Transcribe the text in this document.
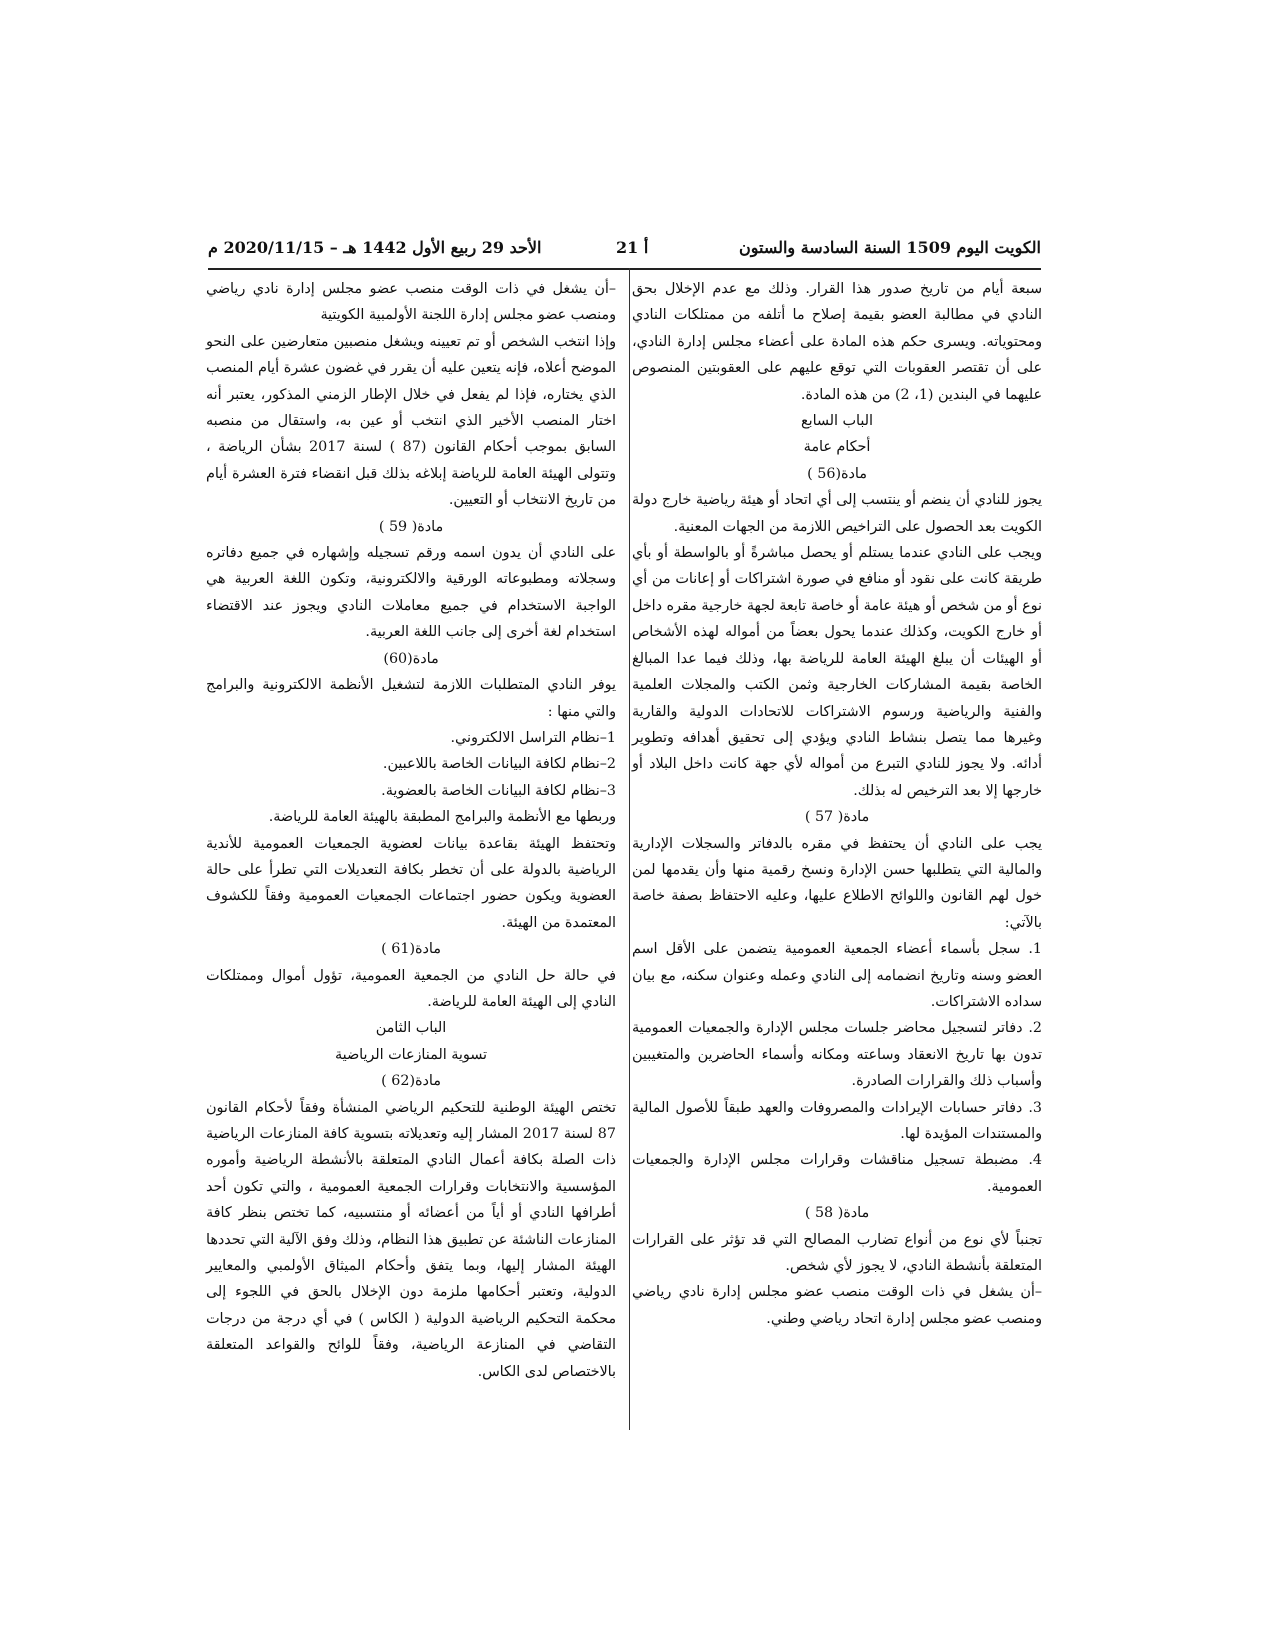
الكويت اليوم 1509 السنة السادسة والستون
21 أ
الأحد 29 ربيع الأول 1442 هـ – 2020/11/15 م

سبعة أيام من تاريخ صدور هذا القرار. وذلك مع عدم الإخلال بحق النادي في مطالبة العضو بقيمة إصلاح ما أتلفه من ممتلكات النادي ومحتوياته. ويسرى حكم هذه المادة على أعضاء مجلس إدارة النادي، على أن تقتصر العقوبات التي توقع عليهم على العقوبتين المنصوص عليهما في البندين (1، 2) من هذه المادة.

الباب السابع

أحكام عامة

مادة(56 )

يجوز للنادي أن ينضم أو ينتسب إلى أي اتحاد أو هيئة رياضية خارج دولة الكويت بعد الحصول على التراخيص اللازمة من الجهات المعنية.

ويجب على النادي عندما يستلم أو يحصل مباشرةً أو بالواسطة أو بأي طريقة كانت على نقود أو منافع في صورة اشتراكات أو إعانات من أي نوع أو من شخص أو هيئة عامة أو خاصة تابعة لجهة خارجية مقره داخل أو خارج الكويت، وكذلك عندما يحول بعضاً من أمواله لهذه الأشخاص أو الهيئات أن يبلغ الهيئة العامة للرياضة بها، وذلك فيما عدا المبالغ الخاصة بقيمة المشاركات الخارجية وثمن الكتب والمجلات العلمية والفنية والرياضية ورسوم الاشتراكات للاتحادات الدولية والقارية وغيرها مما يتصل بنشاط النادي ويؤدي إلى تحقيق أهدافه وتطوير أدائه. ولا يجوز للنادي التبرع من أمواله لأي جهة كانت داخل البلاد أو خارجها إلا بعد الترخيص له بذلك.

مادة( 57 )

يجب على النادي أن يحتفظ في مقره بالدفاتر والسجلات الإدارية والمالية التي يتطلبها حسن الإدارة ونسخ رقمية منها وأن يقدمها لمن خول لهم القانون واللوائح الاطلاع عليها، وعليه الاحتفاظ بصفة خاصة بالآتي:

1. سجل بأسماء أعضاء الجمعية العمومية يتضمن على الأقل اسم العضو وسنه وتاريخ انضمامه إلى النادي وعمله وعنوان سكنه، مع بيان سداده الاشتراكات.

2. دفاتر لتسجيل محاضر جلسات مجلس الإدارة والجمعيات العمومية تدون بها تاريخ الانعقاد وساعته ومكانه وأسماء الحاضرين والمتغيبين وأسباب ذلك والقرارات الصادرة.

3. دفاتر حسابات الإيرادات والمصروفات والعهد طبقاً للأصول المالية والمستندات المؤيدة لها.

4. مضبطة تسجيل مناقشات وقرارات مجلس الإدارة والجمعيات العمومية.

مادة( 58 )

تجنباً لأي نوع من أنواع تضارب المصالح التي قد تؤثر على القرارات المتعلقة بأنشطة النادي، لا يجوز لأي شخص.

–أن يشغل في ذات الوقت منصب عضو مجلس إدارة نادي رياضي ومنصب عضو مجلس إدارة اتحاد رياضي وطني.

–أن يشغل في ذات الوقت منصب عضو مجلس إدارة نادي رياضي ومنصب عضو مجلس إدارة اللجنة الأولمبية الكويتية

وإذا انتخب الشخص أو تم تعيينه ويشغل منصبين متعارضين على النحو الموضح أعلاه، فإنه يتعين عليه أن يقرر في غضون عشرة أيام المنصب الذي يختاره، فإذا لم يفعل في خلال الإطار الزمني المذكور، يعتبر أنه اختار المنصب الأخير الذي انتخب أو عين به، واستقال من منصبه السابق بموجب أحكام القانون (87 ) لسنة 2017 بشأن الرياضة ، وتتولى الهيئة العامة للرياضة إبلاغه بذلك قبل انقضاء فترة العشرة أيام من تاريخ الانتخاب أو التعيين.

مادة( 59 )

على النادي أن يدون اسمه ورقم تسجيله وإشهاره في جميع دفاتره وسجلاته ومطبوعاته الورقية والالكترونية، وتكون اللغة العربية هي الواجبة الاستخدام في جميع معاملات النادي ويجوز عند الاقتضاء استخدام لغة أخرى إلى جانب اللغة العربية.

مادة(60)

يوفر النادي المتطلبات اللازمة لتشغيل الأنظمة الالكترونية والبرامج والتي منها :

1–نظام التراسل الالكتروني.

2–نظام لكافة البيانات الخاصة باللاعبين.

3–نظام لكافة البيانات الخاصة بالعضوية.

وربطها مع الأنظمة والبرامج المطبقة بالهيئة العامة للرياضة.

وتحتفظ الهيئة بقاعدة بيانات لعضوية الجمعيات العمومية للأندية الرياضية بالدولة على أن تخطر بكافة التعديلات التي تطرأ على حالة العضوية ويكون حضور اجتماعات الجمعيات العمومية وفقاً للكشوف المعتمدة من الهيئة.

مادة(61 )

في حالة حل النادي من الجمعية العمومية، تؤول أموال وممتلكات النادي إلى الهيئة العامة للرياضة.

الباب الثامن

تسوية المنازعات الرياضية

مادة(62 )

تختص الهيئة الوطنية للتحكيم الرياضي المنشأة وفقاً لأحكام القانون 87 لسنة 2017 المشار إليه وتعديلاته بتسوية كافة المنازعات الرياضية ذات الصلة بكافة أعمال النادي المتعلقة بالأنشطة الرياضية وأموره المؤسسية والانتخابات وقرارات الجمعية العمومية ، والتي تكون أحد أطرافها النادي أو أياً من أعضائه أو منتسبيه، كما تختص بنظر كافة المنازعات الناشئة عن تطبيق هذا النظام، وذلك وفق الآلية التي تحددها الهيئة المشار إليها، وبما يتفق وأحكام الميثاق الأولمبي والمعايير الدولية، وتعتبر أحكامها ملزمة دون الإخلال بالحق في اللجوء إلى محكمة التحكيم الرياضية الدولية ( الكاس ) في أي درجة من درجات التقاضي في المنازعة الرياضية، وفقاً للوائح والقواعد المتعلقة بالاختصاص لدى الكاس.
